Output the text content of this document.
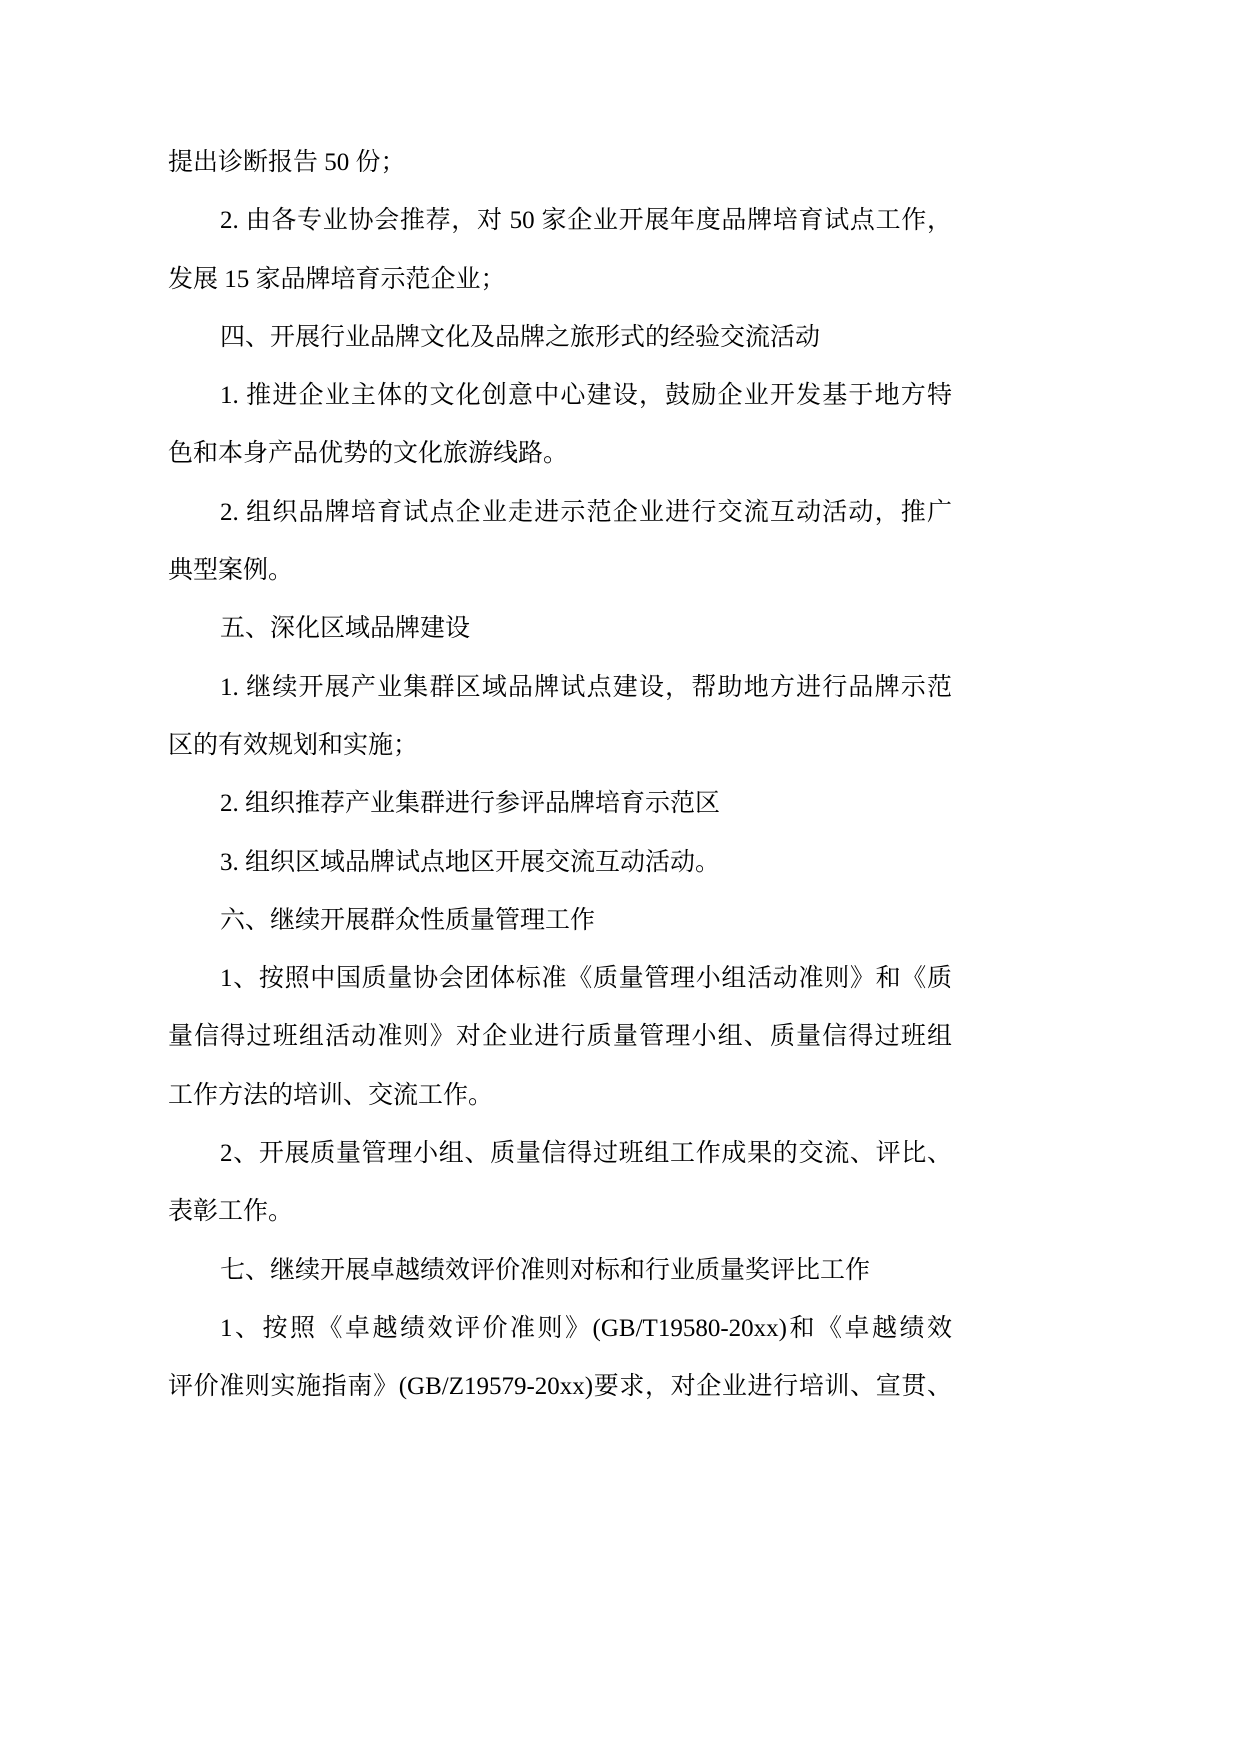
提出诊断报告 50 份；
2. 由各专业协会推荐，对 50 家企业开展年度品牌培育试点工作，
发展 15 家品牌培育示范企业；
四、开展行业品牌文化及品牌之旅形式的经验交流活动
1. 推进企业主体的文化创意中心建设，鼓励企业开发基于地方特
色和本身产品优势的文化旅游线路。
2. 组织品牌培育试点企业走进示范企业进行交流互动活动，推广
典型案例。
五、深化区域品牌建设
1. 继续开展产业集群区域品牌试点建设，帮助地方进行品牌示范
区的有效规划和实施；
2. 组织推荐产业集群进行参评品牌培育示范区
3. 组织区域品牌试点地区开展交流互动活动。
六、继续开展群众性质量管理工作
1、按照中国质量协会团体标准《质量管理小组活动准则》和《质
量信得过班组活动准则》对企业进行质量管理小组、质量信得过班组
工作方法的培训、交流工作。
2、开展质量管理小组、质量信得过班组工作成果的交流、评比、
表彰工作。
七、继续开展卓越绩效评价准则对标和行业质量奖评比工作
1、按照《卓越绩效评价准则》(GB/T19580-20xx)和《卓越绩效
评价准则实施指南》(GB/Z19579-20xx)要求，对企业进行培训、宣贯、
